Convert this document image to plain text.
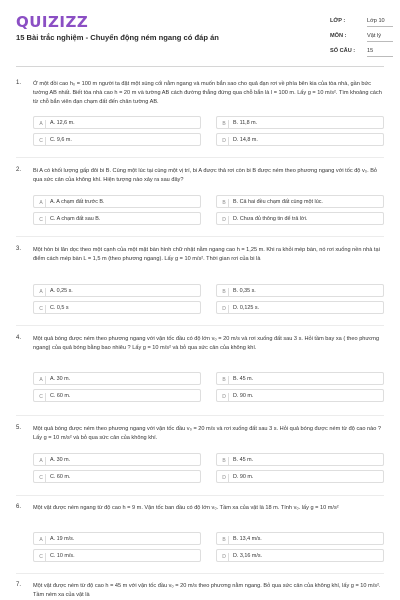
QUIZIZZ
15 Bài trắc nghiệm - Chuyển động ném ngang có đáp án
LỚP :	Lớp 10
MÔN :	Vật lý
SỐ CÂU : 15
1. Ở một đồi cao h₀ = 100 m người ta đặt một súng cối nằm ngang và muốn bắn sao cho quả đạn rơi về phía bên kia của tòa nhà, gần bức tường AB nhất. Biết tòa nhà cao h = 20 m và tường AB cách đường thẳng đứng qua chỗ bắn là l = 100 m. Lấy g = 10 m/s². Tìm khoảng cách từ chỗ bắn viên đạn chạm đất đến chân tường AB.
A	A. 12,6 m.	B	B. 11,8 m.
C	C. 9,6 m.	D	D. 14,8 m.
2. Bi A có khối lượng gấp đôi bi B. Cùng một lúc tại cùng một vị trí, bi A được thả rơi còn bi B được ném theo phương ngang với tốc độ v₀. Bỏ qua sức cản của không khí. Hiện tượng nào xảy ra sau đây?
A	A. A chạm đất trước B.	B	B. Cả hai đều chạm đất cùng một lúc.
C	C. A chạm đất sau B.	D	D. Chưa đủ thông tin để trả lời.
3. Một hòn bi lăn dọc theo một cạnh của một mặt bàn hình chữ nhật nằm ngang cao h = 1,25 m. Khi ra khỏi mép bàn, nó rơi xuống nền nhà tại điểm cách mép bàn L = 1,5 m (theo phương ngang). Lấy g = 10 m/s². Thời gian rơi của bi là
A	A. 0,25 s.	B	B. 0,35 s.
C	C. 0,5 s	D	D. 0,125 s.
4. Một quả bóng được ném theo phương ngang với vận tốc đầu có độ lớn v₀ = 20 m/s và rơi xuống đất sau 3 s. Hỏi tầm bay xa ( theo phương ngang) của quả bóng bằng bao nhiêu ? Lấy g = 10 m/s² và bỏ qua sức cản của không khí.
A	A. 30 m.	B	B. 45 m.
C	C. 60 m.	D	D. 90 m.
5. Một quả bóng được ném theo phương ngang với vận tốc đầu v₀ = 20 m/s và rơi xuống đất sau 3 s. Hỏi quả bóng được ném từ độ cao nào ? Lấy g = 10 m/s² và bỏ qua sức cản của không khí.
A	A. 30 m.	B	B. 45 m.
C	C. 60 m.	D	D. 90 m.
6. Một vật được ném ngang từ độ cao h = 9 m. Vận tốc ban đầu có độ lớn v₀. Tầm xa của vật là 18 m. Tính v₀. lấy g = 10 m/s²
A	A. 19 m/s.	B	B. 13,4 m/s.
C	C. 10 m/s.	D	D. 3,16 m/s.
7. Một vật được ném từ độ cao h = 45 m với vận tốc đầu v₀ = 20 m/s theo phương nằm ngang. Bỏ qua sức cản của không khí, lấy g = 10 m/s². Tầm ném xa của vật là
